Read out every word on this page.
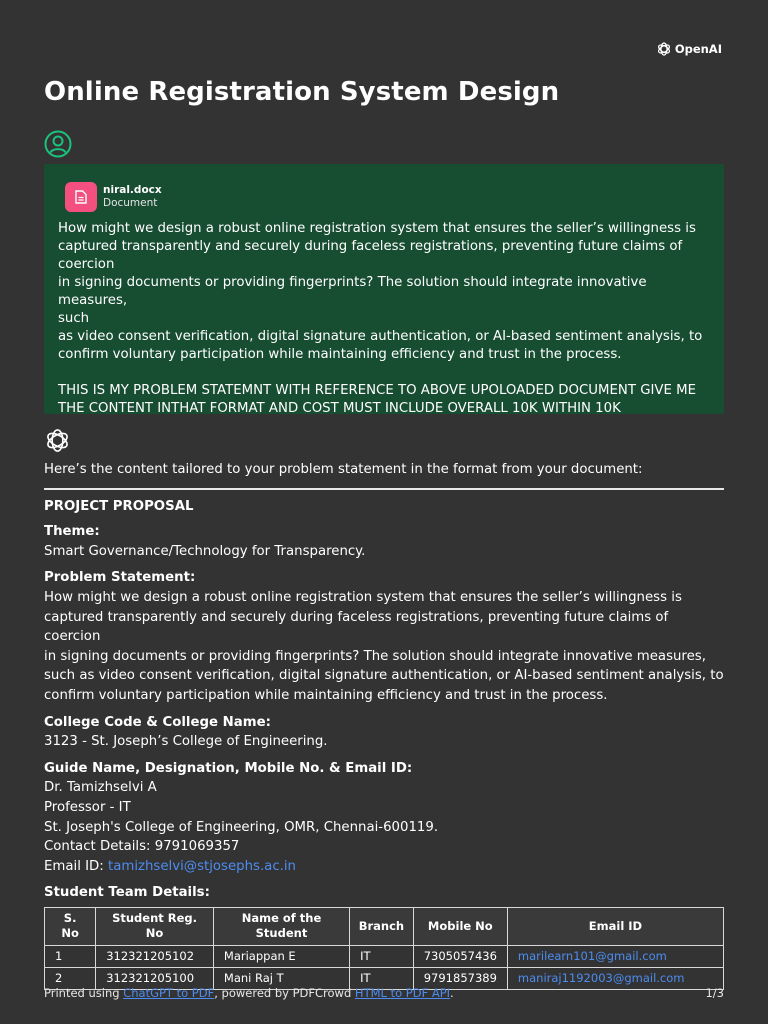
OpenAI
Online Registration System Design
niral.docx
Document
How might we design a robust online registration system that ensures the seller’s willingness is
captured transparently and securely during faceless registrations, preventing future claims of
coercion
in signing documents or providing fingerprints? The solution should integrate innovative measures,
such
as video consent verification, digital signature authentication, or AI-based sentiment analysis, to
confirm voluntary participation while maintaining efficiency and trust in the process.

THIS IS MY PROBLEM STATEMNT WITH REFERENCE TO ABOVE UPOLOADED DOCUMENT GIVE ME
THE CONTENT INTHAT FORMAT AND COST MUST INCLUDE OVERALL 10K WITHIN 10K
Here’s the content tailored to your problem statement in the format from your document:
PROJECT PROPOSAL
Theme:
Smart Governance/Technology for Transparency.
Problem Statement:
How might we design a robust online registration system that ensures the seller’s willingness is
captured transparently and securely during faceless registrations, preventing future claims of coercion
in signing documents or providing fingerprints? The solution should integrate innovative measures,
such as video consent verification, digital signature authentication, or AI-based sentiment analysis, to
confirm voluntary participation while maintaining efficiency and trust in the process.
College Code & College Name:
3123 - St. Joseph’s College of Engineering.
Guide Name, Designation, Mobile No. & Email ID:
Dr. Tamizhselvi A
Professor - IT
St. Joseph's College of Engineering, OMR, Chennai-600119.
Contact Details: 9791069357
Email ID: tamizhselvi@stjosephs.ac.in
Student Team Details:
S.
No	Student Reg.
No	Name of the
Student	Branch	Mobile No	Email ID
1	312321205102	Mariappan E	IT	7305057436	marilearn101@gmail.com
2	312321205100	Mani Raj T	IT	9791857389	maniraj1192003@gmail.com
Printed using ChatGPT to PDF, powered by PDFCrowd HTML to PDF API.	1/3
